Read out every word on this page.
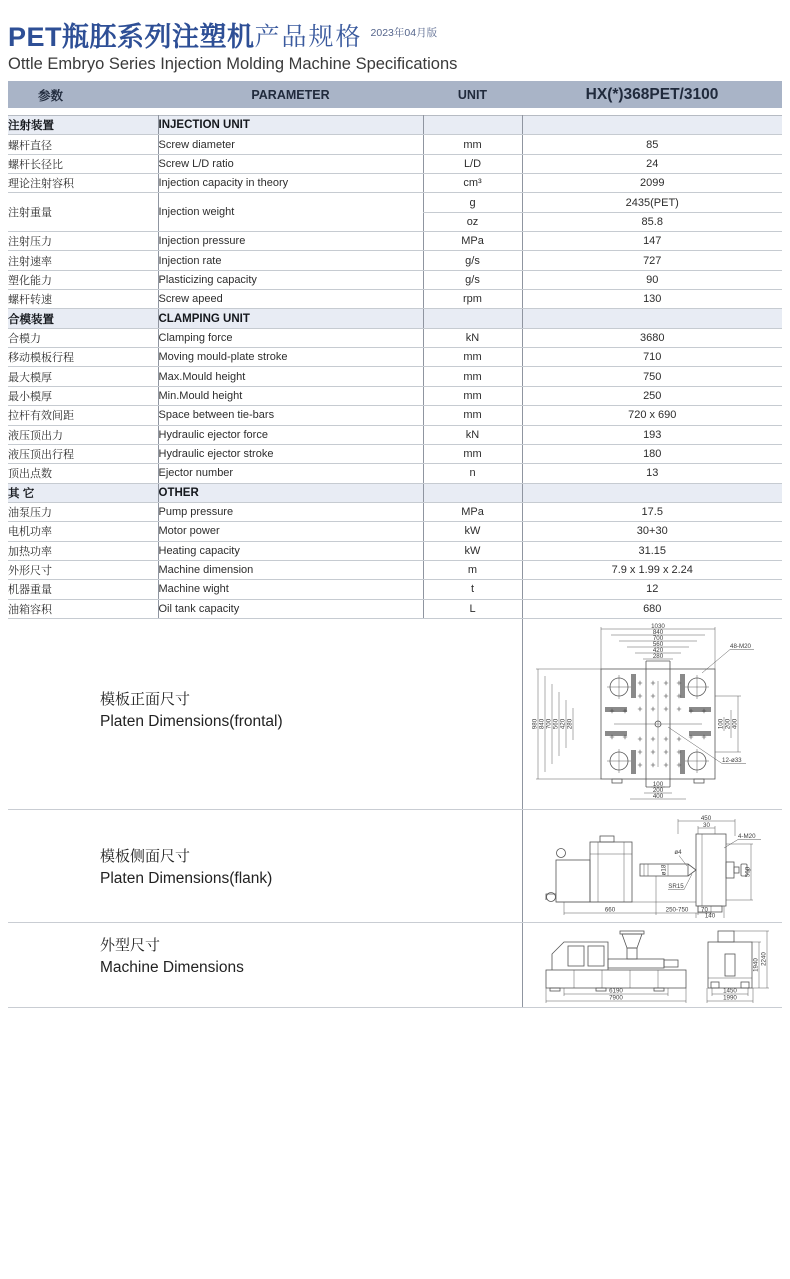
PET瓶胚系列注塑机 产品规格 2023年04月版
Ottle Embryo Series Injection Molding Machine Specifications
参数	PARAMETER	UNIT	HX(*)368PET/3100
注射装置	INJECTION UNIT		
螺杆直径	Screw diameter	mm	85
螺杆长径比	Screw L/D ratio	L/D	24
理论注射容积	Injection capacity in theory	cm³	2099
注射重量	Injection weight	g	2435(PET)
		oz	85.8
注射压力	Injection pressure	MPa	147
注射速率	Injection rate	g/s	727
塑化能力	Plasticizing capacity	g/s	90
螺杆转速	Screw apeed	rpm	130
合模装置	CLAMPING UNIT		
合模力	Clamping force	kN	3680
移动模板行程	Moving mould-plate stroke	mm	710
最大模厚	Max.Mould height	mm	750
最小模厚	Min.Mould height	mm	250
拉杆有效间距	Space between tie-bars	mm	720 x 690
液压顶出力	Hydraulic ejector force	kN	193
液压顶出行程	Hydraulic ejector stroke	mm	180
顶出点数	Ejector number	n	13
其 它	OTHER		
油泵压力	Pump pressure	MPa	17.5
电机功率	Motor power	kW	30+30
加热功率	Heating capacity	kW	31.15
外形尺寸	Machine dimension	m	7.9 x 1.99 x 2.24
机器重量	Machine wight	t	12
油箱容积	Oil tank capacity	L	680
模板正面尺寸
Platen Dimensions(frontal)
1030
840
700
560
420
280
980 840 700 560 420 280	400
200
100
100
200
400
48-M20
12-ø33
模板侧面尺寸
Platen Dimensions(flank)
450
30
4-M20
ø4
ø18
SR15
660	250-750 70
140
560
外型尺寸
Machine Dimensions
6190
7900
1450
1990
1940 2240
